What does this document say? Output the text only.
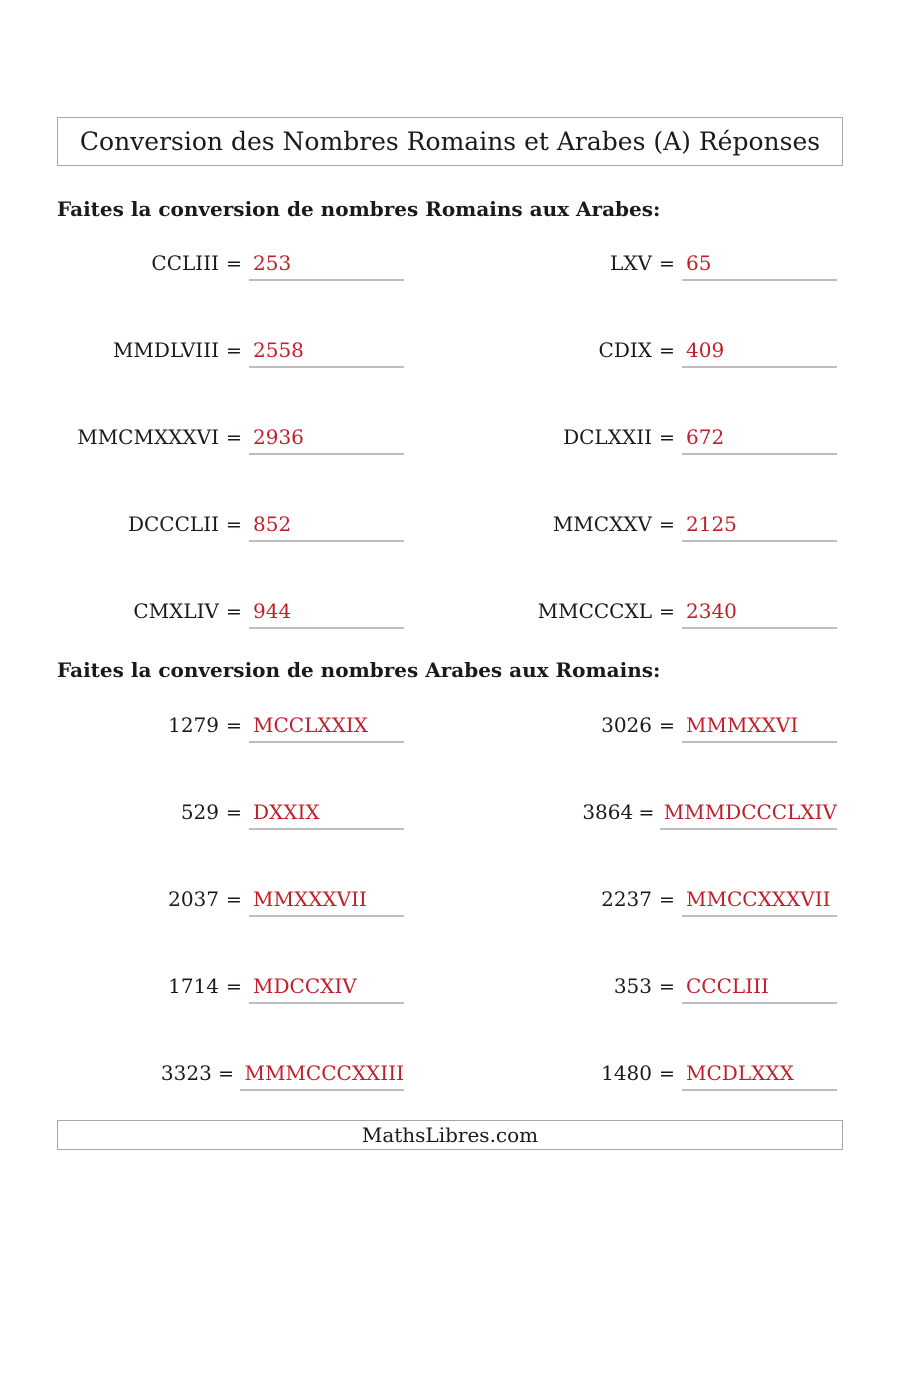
Conversion des Nombres Romains et Arabes (A) Réponses
Faites la conversion de nombres Romains aux Arabes:
CCLIII = 253	LXV = 65
MMDLVIII = 2558	CDIX = 409
MMCMXXXVI = 2936	DCLXXII = 672
DCCCLII = 852	MMCXXV = 2125
CMXLIV = 944	MMCCCXL = 2340
Faites la conversion de nombres Arabes aux Romains:
1279 = MCCLXXIX	3026 = MMMXXVI
529 = DXXIX	3864 = MMMDCCCLXIV
2037 = MMXXXVII	2237 = MMCCXXXVII
1714 = MDCCXIV	353 = CCCLIII
3323 = MMMCCCXXIII	1480 = MCDLXXX
MathsLibres.com
